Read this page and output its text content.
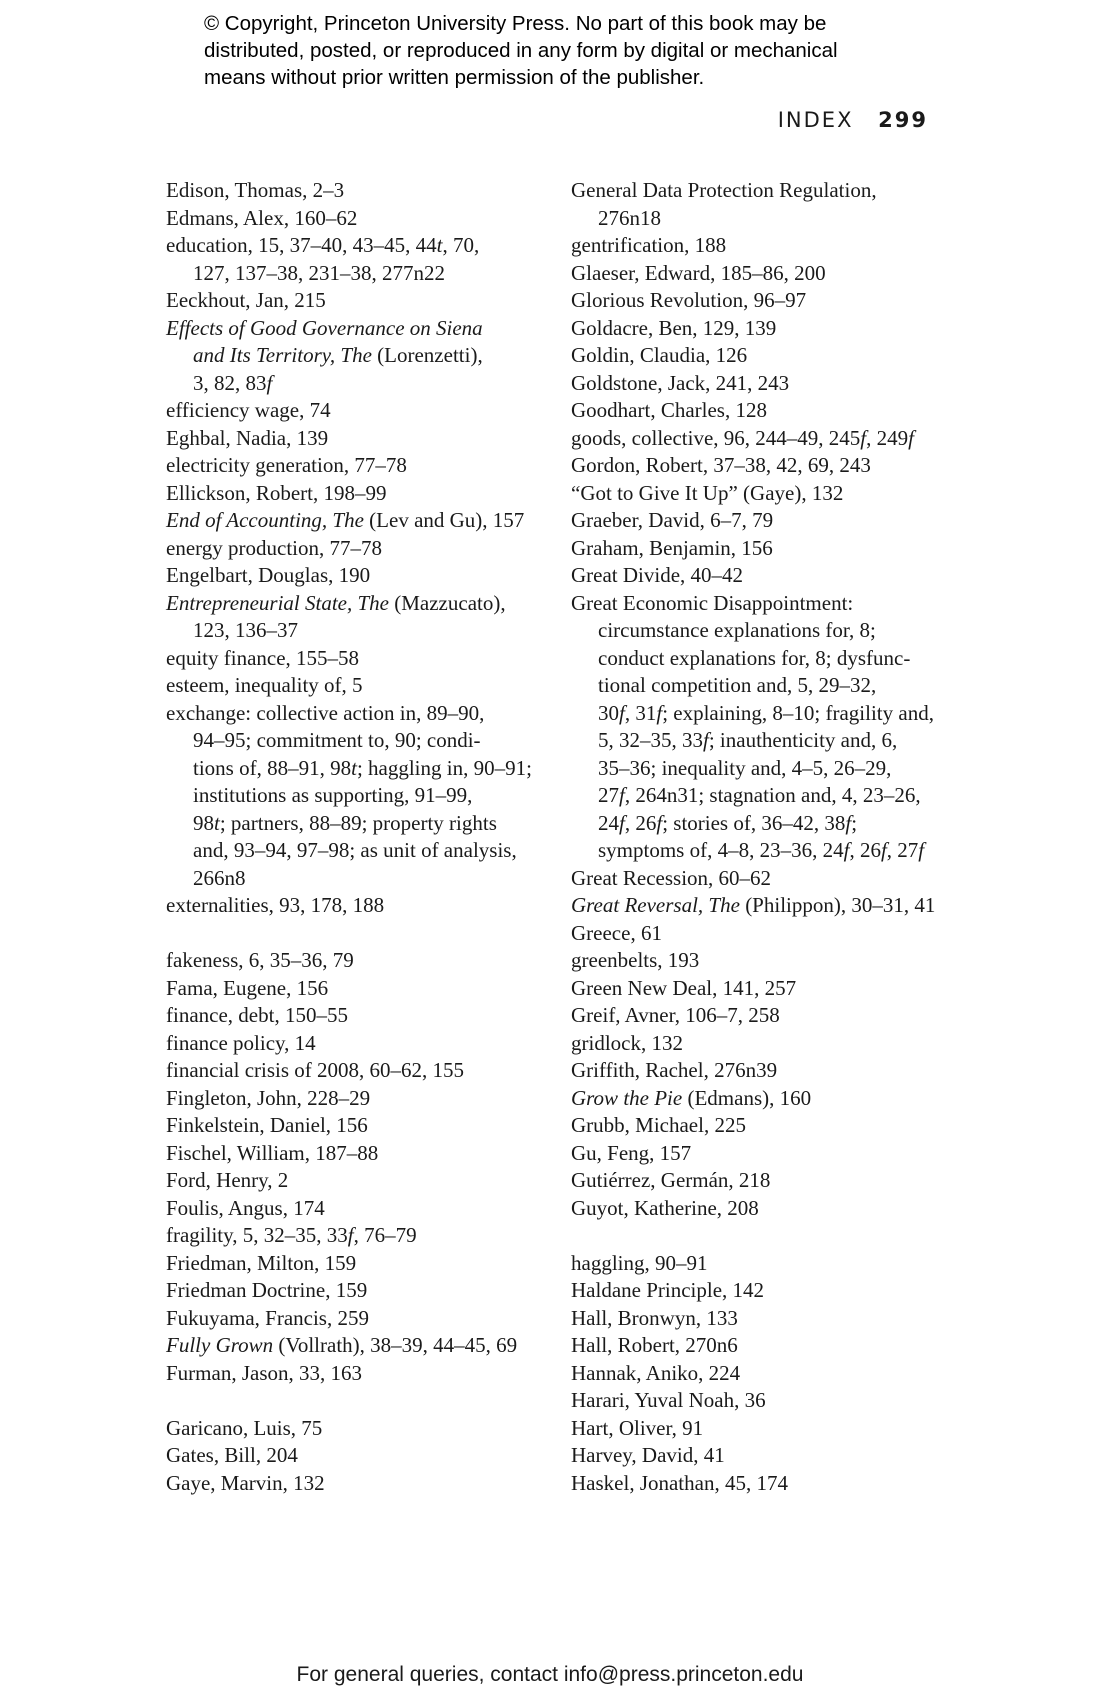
© Copyright, Princeton University Press. No part of this book may be
distributed, posted, or reproduced in any form by digital or mechanical
means without prior written permission of the publisher.
INDEX 299
Edison, Thomas, 2–3
Edmans, Alex, 160–62
education, 15, 37–40, 43–45, 44t, 70,
127, 137–38, 231–38, 277n22
Eeckhout, Jan, 215
Effects of Good Governance on Siena
and Its Territory, The (Lorenzetti),
3, 82, 83f
efficiency wage, 74
Eghbal, Nadia, 139
electricity generation, 77–78
Ellickson, Robert, 198–99
End of Accounting, The (Lev and Gu), 157
energy production, 77–78
Engelbart, Douglas, 190
Entrepreneurial State, The (Mazzucato),
123, 136–37
equity finance, 155–58
esteem, inequality of, 5
exchange: collective action in, 89–90,
94–95; commitment to, 90; condi-
tions of, 88–91, 98t; haggling in, 90–91;
institutions as supporting, 91–99,
98t; partners, 88–89; property rights
and, 93–94, 97–98; as unit of analysis,
266n8
externalities, 93, 178, 188
fakeness, 6, 35–36, 79
Fama, Eugene, 156
finance, debt, 150–55
finance policy, 14
financial crisis of 2008, 60–62, 155
Fingleton, John, 228–29
Finkelstein, Daniel, 156
Fischel, William, 187–88
Ford, Henry, 2
Foulis, Angus, 174
fragility, 5, 32–35, 33f, 76–79
Friedman, Milton, 159
Friedman Doctrine, 159
Fukuyama, Francis, 259
Fully Grown (Vollrath), 38–39, 44–45, 69
Furman, Jason, 33, 163
Garicano, Luis, 75
Gates, Bill, 204
Gaye, Marvin, 132
General Data Protection Regulation,
276n18
gentrification, 188
Glaeser, Edward, 185–86, 200
Glorious Revolution, 96–97
Goldacre, Ben, 129, 139
Goldin, Claudia, 126
Goldstone, Jack, 241, 243
Goodhart, Charles, 128
goods, collective, 96, 244–49, 245f, 249f
Gordon, Robert, 37–38, 42, 69, 243
“Got to Give It Up” (Gaye), 132
Graeber, David, 6–7, 79
Graham, Benjamin, 156
Great Divide, 40–42
Great Economic Disappointment:
circumstance explanations for, 8;
conduct explanations for, 8; dysfunc-
tional competition and, 5, 29–32,
30f, 31f; explaining, 8–10; fragility and,
5, 32–35, 33f; inauthenticity and, 6,
35–36; inequality and, 4–5, 26–29,
27f, 264n31; stagnation and, 4, 23–26,
24f, 26f; stories of, 36–42, 38f;
symptoms of, 4–8, 23–36, 24f, 26f, 27f
Great Recession, 60–62
Great Reversal, The (Philippon), 30–31, 41
Greece, 61
greenbelts, 193
Green New Deal, 141, 257
Greif, Avner, 106–7, 258
gridlock, 132
Griffith, Rachel, 276n39
Grow the Pie (Edmans), 160
Grubb, Michael, 225
Gu, Feng, 157
Gutiérrez, Germán, 218
Guyot, Katherine, 208
haggling, 90–91
Haldane Principle, 142
Hall, Bronwyn, 133
Hall, Robert, 270n6
Hannak, Aniko, 224
Harari, Yuval Noah, 36
Hart, Oliver, 91
Harvey, David, 41
Haskel, Jonathan, 45, 174
For general queries, contact info@press.princeton.edu
